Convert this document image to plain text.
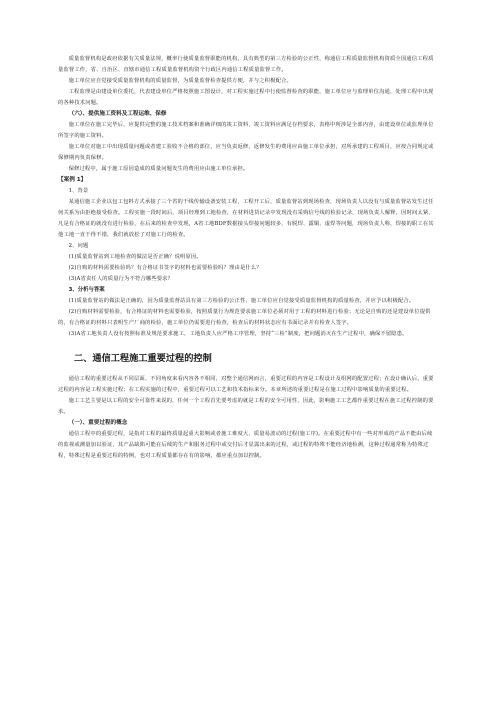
质量监督机构是政府依据有关质量法规，概率行使质量监督职能的机构，具有典型的第三方检验的公正性，称通信工程质量监督机构资质全国通信工程质量监督工作，省、自治区、直辖市通信工程质量监督机构资个行政区内通信工程质量监督工作。

施工单位应自觉接受质量监督机构的质量监督，为质量监督检查提供方便，并与之积极配合。

工程监理是由建设单位委托，代表建设单位严格按照施工图设计，对工程实施过程中行使监督检查的职能，施工单位应与监理单位沟通，处理工程中出现的各种技术问题。

（六）、提供施工资料及工程运维、保修

施工单位在施工完毕后，应提供完整的施工技术档案和准确详细的竣工资料，竣工资料应满足存档要求，表格中所涉是全部内容，由建设单位或监理单位所签字的施工资料。

施工单位对施工中出现质量问题或者建工验收不合格的部位，应当负责返修，返修发生的费用应由施工单位承担，对所承建的工程项目，应按合同规定或保修期内负责保修。

保修过程中，属于施工原因造成的质量问题发生的费用应由施工单位承担。

【案例 1】

1、背景

某通信施工企业以包工包料方式承接了三个省的干线传输设备安装工程，工程开工后，质量监督站到现场检查，现场负责人以没有与质量监督站发生过任何关系为由拒绝接受检查。工程实施一段时间后，项目经理到工地检查，在材料进货记录中发现没有采购信号线的检验记录，现场负责人解释，因时间太紧，凡是有合格证的就没有进行检验，在后来的检查中发现，A省工地BDF数据接头焊接问题较多，有脱焊、露铜、虚焊等问题，现场负责人称，焊接的职工在其他工地一直干得不错，我们就放松了对施工行的检查。

2、问题

(1)质量监督站到工地检查的做法是否正确？说明原因。

(2)自购的材料需要检验吗？有合格证书签字的材料也需要检验吗？理由是什么？

(3)A省责任人的质量行为不符合哪些要求？

3、分析与答案

(1)质量监督站的做法是正确的，因为质量监督站具有第三方检验的公正性，施工单位应自觉接受质量监督机构的质量检查，并应予以积极配合。

(2)自购材料需要检验，有合格证的材料也需要检验，按照质量行为规范要求施工单位必须对用于工程的材料进行检验；无论是自购的还是建设单位提供的，有合格证的材料只表明生产厂商的检验，施工单位仍需要进行检查，检查后的材料状态应有书面记录并有检查人签字。

(3)A省工地负责人没有按照标准及规范要求施工，工地负责人应严格工序管理，坚持“三检”制度，把问题消灭在生产过程中，确保不留隐患。

二、通信工程施工重要过程的控制

通信工程的重要过程从不同层面、不同角度来看内容各不相同，对整个通信网而言，重要过程的内容是工程设计及组网的配置过程；在设计确认后，重要过程的内容是工程实施过程；在工程实施的过程中，重要过程可以工艺和技术指标来分。本章所述的重要过程是在施工过程中影响质量的重要过程。

施工工艺主要是以工程的安全可靠性来说的，任何一个工程首先要考虑的就是工程的安全可用性，因此，影响施工工艺都作重要过程在施工过程控制的要求。

（一）、重要过程的概念

通信工程中的重要过程，是指对工程的最终质量起重大影响或者施工难度大、质量易波动的过程(施工序)。在重要过程中有一些对形成的产品不能由后续的监视或测量加以验证，其产品缺陷可能在后续的生产和服务过程中或交付后才显露出来的过程，或过程的特殊不能经济地检测，这种过程通常称为特殊过程，特殊过程是重要过程的特例，也对工程质量都存在有的影响，都应重点加以控制。
